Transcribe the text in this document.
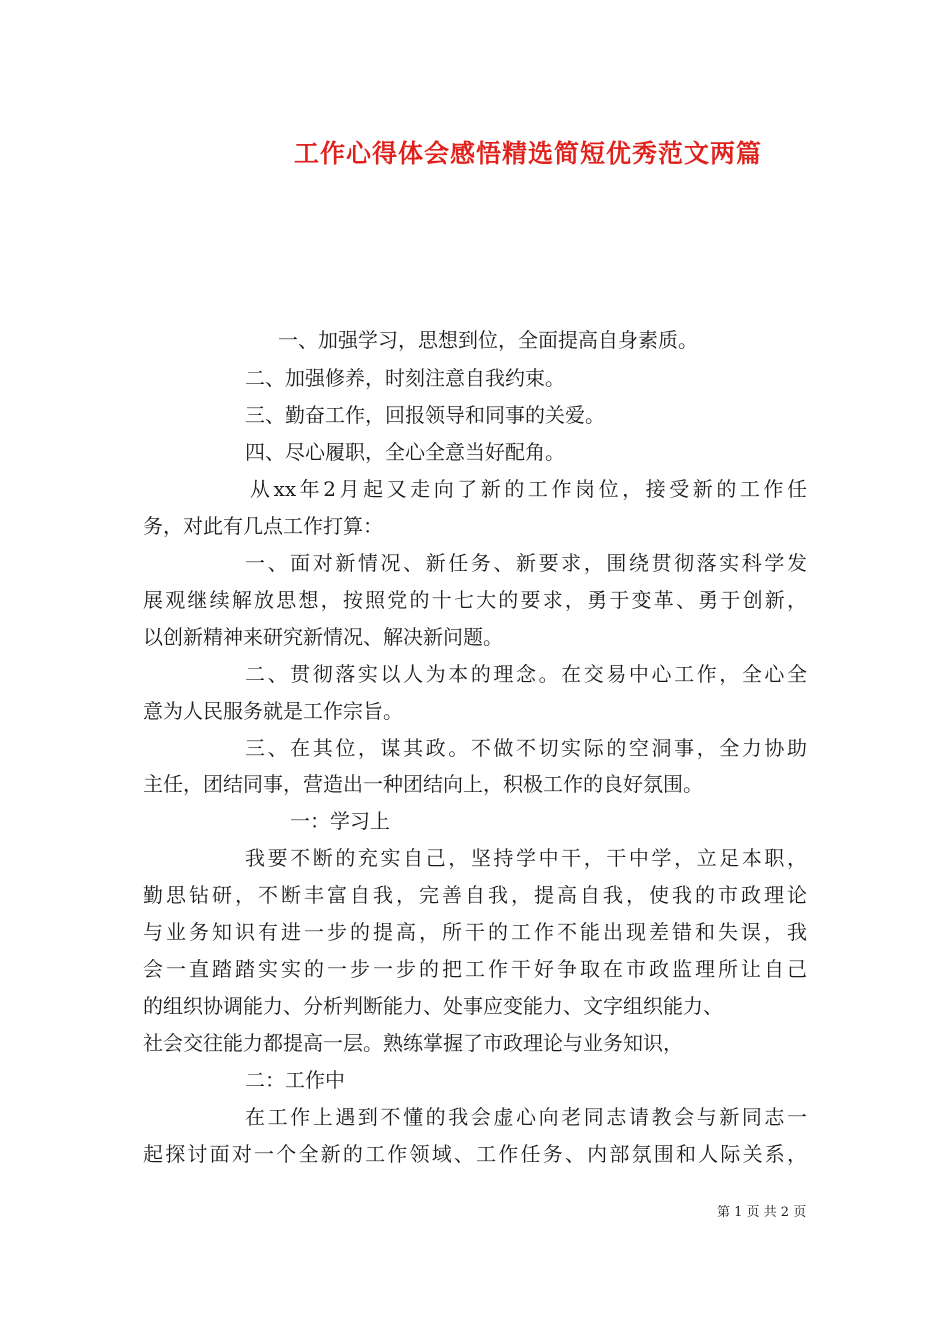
工作心得体会感悟精选简短优秀范文两篇
一、加强学习，思想到位，全面提高自身素质。
二、加强修养，时刻注意自我约束。
三、勤奋工作，回报领导和同事的关爱。
四、尽心履职，全心全意当好配角。
从xx年2月起又走向了新的工作岗位，接受新的工作任
务，对此有几点工作打算：
一、面对新情况、新任务、新要求，围绕贯彻落实科学发
展观继续解放思想，按照党的十七大的要求，勇于变革、勇于创新，
以创新精神来研究新情况、解决新问题。
二、贯彻落实以人为本的理念。在交易中心工作，全心全
意为人民服务就是工作宗旨。
三、在其位，谋其政。不做不切实际的空洞事，全力协助
主任，团结同事，营造出一种团结向上，积极工作的良好氛围。
一：学习上
我要不断的充实自己，坚持学中干，干中学，立足本职，
勤思钻研，不断丰富自我，完善自我，提高自我，使我的市政理论
与业务知识有进一步的提高，所干的工作不能出现差错和失误，我
会一直踏踏实实的一步一步的把工作干好争取在市政监理所让自己
的组织协调能力、分析判断能力、处事应变能力、文字组织能力、
社会交往能力都提高一层。熟练掌握了市政理论与业务知识，
二：工作中
在工作上遇到不懂的我会虚心向老同志请教会与新同志一
起探讨面对一个全新的工作领域、工作任务、内部氛围和人际关系，
第 1 页 共 2 页
